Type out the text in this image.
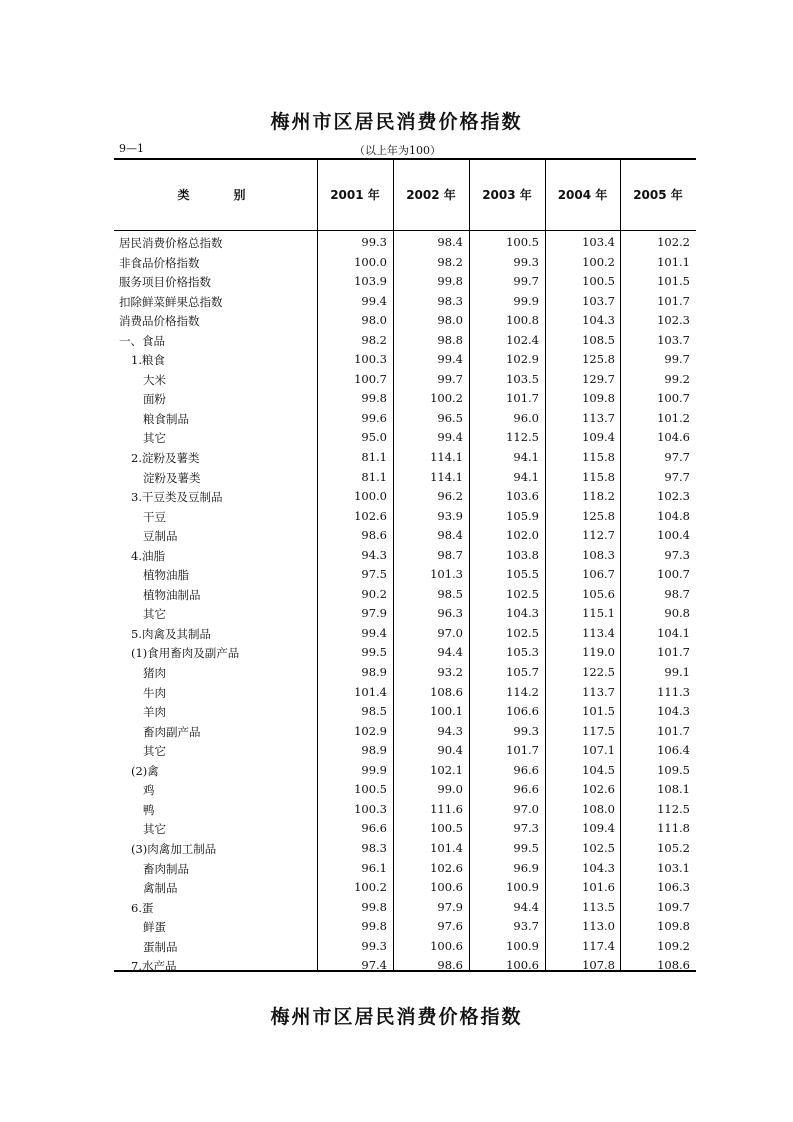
梅州市区居民消费价格指数
9—1	（以上年为100）
类　别	2001 年	2002 年	2003 年	2004 年	2005 年
居民消费价格总指数	99.3	98.4	100.5	103.4	102.2
非食品价格指数	100.0	98.2	99.3	100.2	101.1
服务项目价格指数	103.9	99.8	99.7	100.5	101.5
扣除鲜菜鲜果总指数	99.4	98.3	99.9	103.7	101.7
消费品价格指数	98.0	98.0	100.8	104.3	102.3
一、食品	98.2	98.8	102.4	108.5	103.7
1.粮食	100.3	99.4	102.9	125.8	99.7
大米	100.7	99.7	103.5	129.7	99.2
面粉	99.8	100.2	101.7	109.8	100.7
粮食制品	99.6	96.5	96.0	113.7	101.2
其它	95.0	99.4	112.5	109.4	104.6
2.淀粉及薯类	81.1	114.1	94.1	115.8	97.7
淀粉及薯类	81.1	114.1	94.1	115.8	97.7
3.干豆类及豆制品	100.0	96.2	103.6	118.2	102.3
干豆	102.6	93.9	105.9	125.8	104.8
豆制品	98.6	98.4	102.0	112.7	100.4
4.油脂	94.3	98.7	103.8	108.3	97.3
植物油脂	97.5	101.3	105.5	106.7	100.7
植物油制品	90.2	98.5	102.5	105.6	98.7
其它	97.9	96.3	104.3	115.1	90.8
5.肉禽及其制品	99.4	97.0	102.5	113.4	104.1
(1)食用畜肉及副产品	99.5	94.4	105.3	119.0	101.7
猪肉	98.9	93.2	105.7	122.5	99.1
牛肉	101.4	108.6	114.2	113.7	111.3
羊肉	98.5	100.1	106.6	101.5	104.3
畜肉副产品	102.9	94.3	99.3	117.5	101.7
其它	98.9	90.4	101.7	107.1	106.4
(2)禽	99.9	102.1	96.6	104.5	109.5
鸡	100.5	99.0	96.6	102.6	108.1
鸭	100.3	111.6	97.0	108.0	112.5
其它	96.6	100.5	97.3	109.4	111.8
(3)肉禽加工制品	98.3	101.4	99.5	102.5	105.2
畜肉制品	96.1	102.6	96.9	104.3	103.1
禽制品	100.2	100.6	100.9	101.6	106.3
6.蛋	99.8	97.9	94.4	113.5	109.7
鲜蛋	99.8	97.6	93.7	113.0	109.8
蛋制品	99.3	100.6	100.9	117.4	109.2
7.水产品	97.4	98.6	100.6	107.8	108.6
梅州市区居民消费价格指数
